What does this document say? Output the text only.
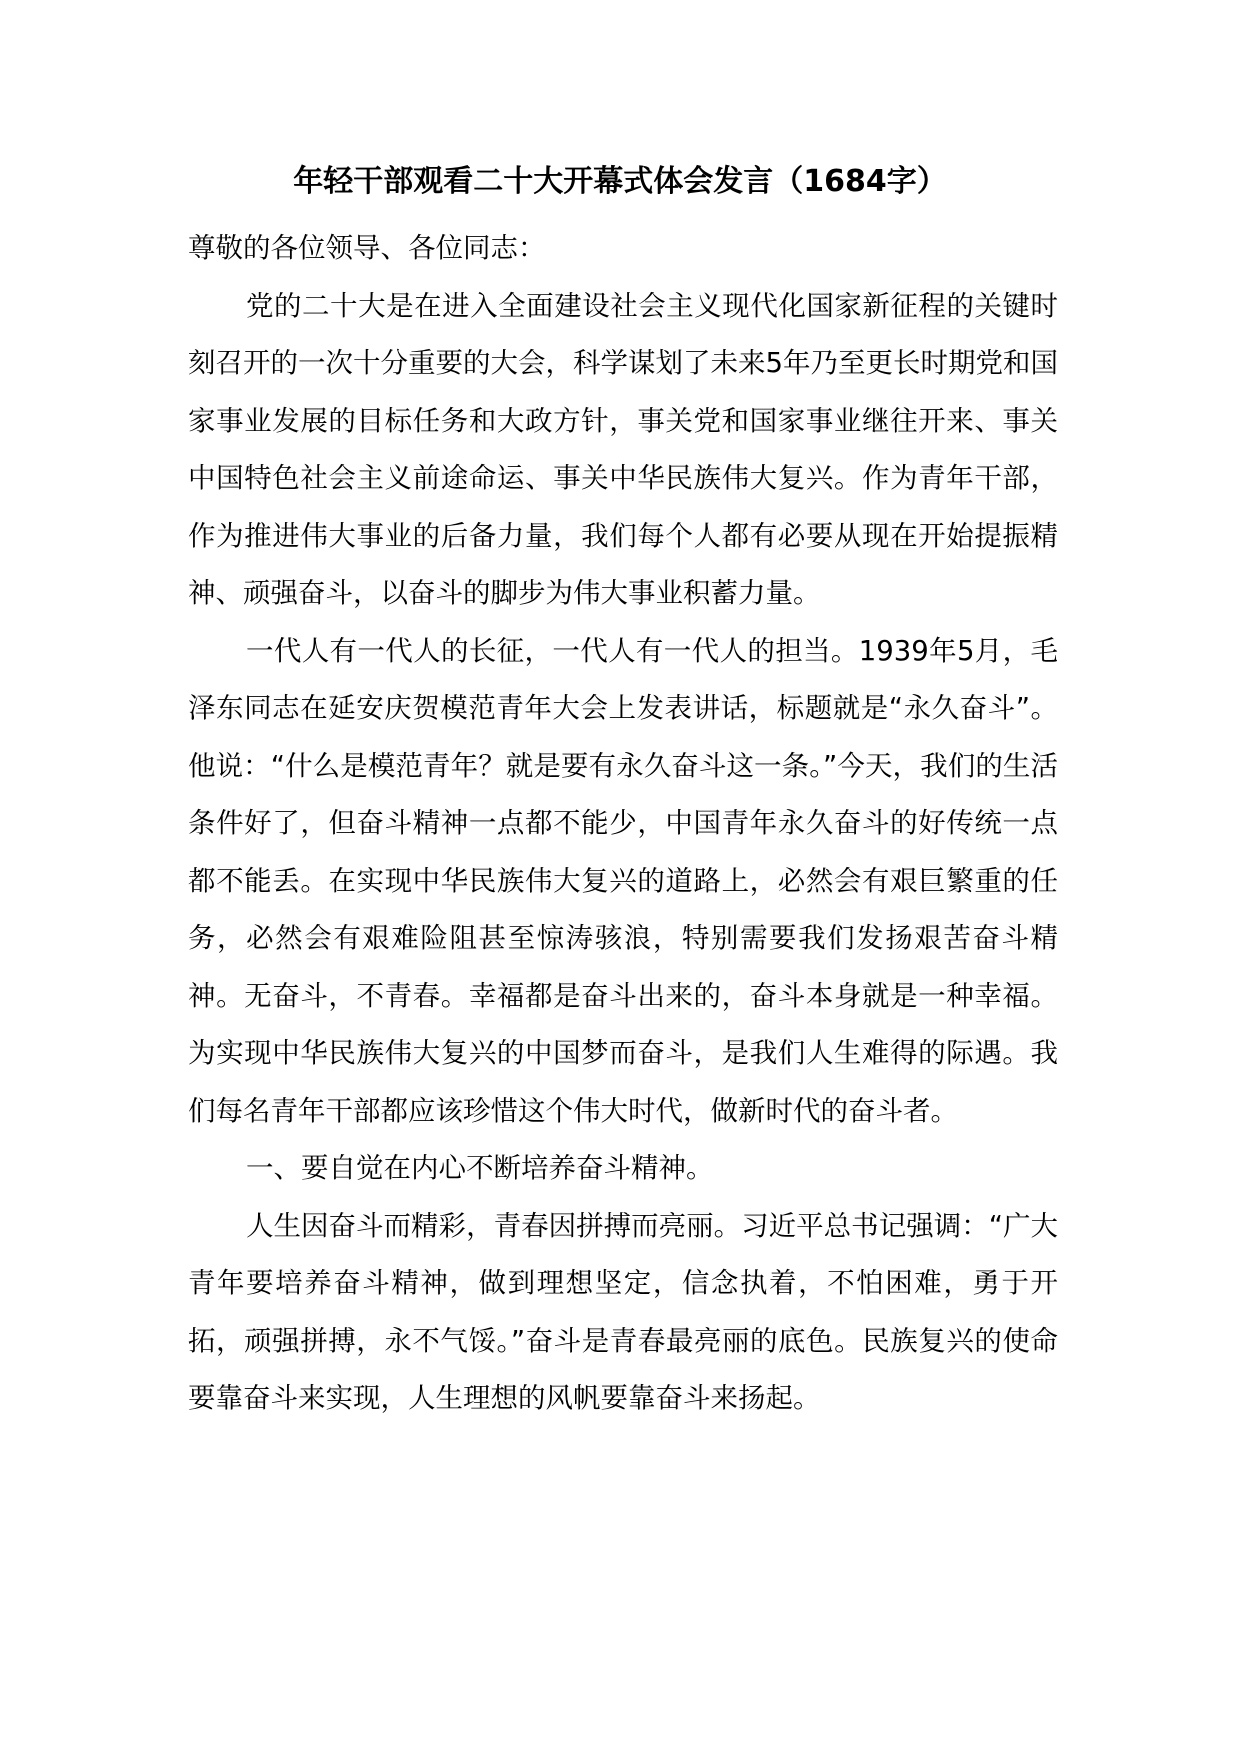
年轻干部观看二十大开幕式体会发言（1684字）

尊敬的各位领导、各位同志：

党的二十大是在进入全面建设社会主义现代化国家新征程的关键时刻召开的一次十分重要的大会，科学谋划了未来5年乃至更长时期党和国家事业发展的目标任务和大政方针，事关党和国家事业继往开来、事关中国特色社会主义前途命运、事关中华民族伟大复兴。作为青年干部，作为推进伟大事业的后备力量，我们每个人都有必要从现在开始提振精神、顽强奋斗，以奋斗的脚步为伟大事业积蓄力量。

一代人有一代人的长征，一代人有一代人的担当。1939年5月，毛泽东同志在延安庆贺模范青年大会上发表讲话，标题就是“永久奋斗”。他说：“什么是模范青年？就是要有永久奋斗这一条。”今天，我们的生活条件好了，但奋斗精神一点都不能少，中国青年永久奋斗的好传统一点都不能丢。在实现中华民族伟大复兴的道路上，必然会有艰巨繁重的任务，必然会有艰难险阻甚至惊涛骇浪，特别需要我们发扬艰苦奋斗精神。无奋斗，不青春。幸福都是奋斗出来的，奋斗本身就是一种幸福。为实现中华民族伟大复兴的中国梦而奋斗，是我们人生难得的际遇。我们每名青年干部都应该珍惜这个伟大时代，做新时代的奋斗者。

一、要自觉在内心不断培养奋斗精神。

人生因奋斗而精彩，青春因拼搏而亮丽。习近平总书记强调：“广大青年要培养奋斗精神，做到理想坚定，信念执着，不怕困难，勇于开拓，顽强拼搏，永不气馁。”奋斗是青春最亮丽的底色。民族复兴的使命要靠奋斗来实现，人生理想的风帆要靠奋斗来扬起。
